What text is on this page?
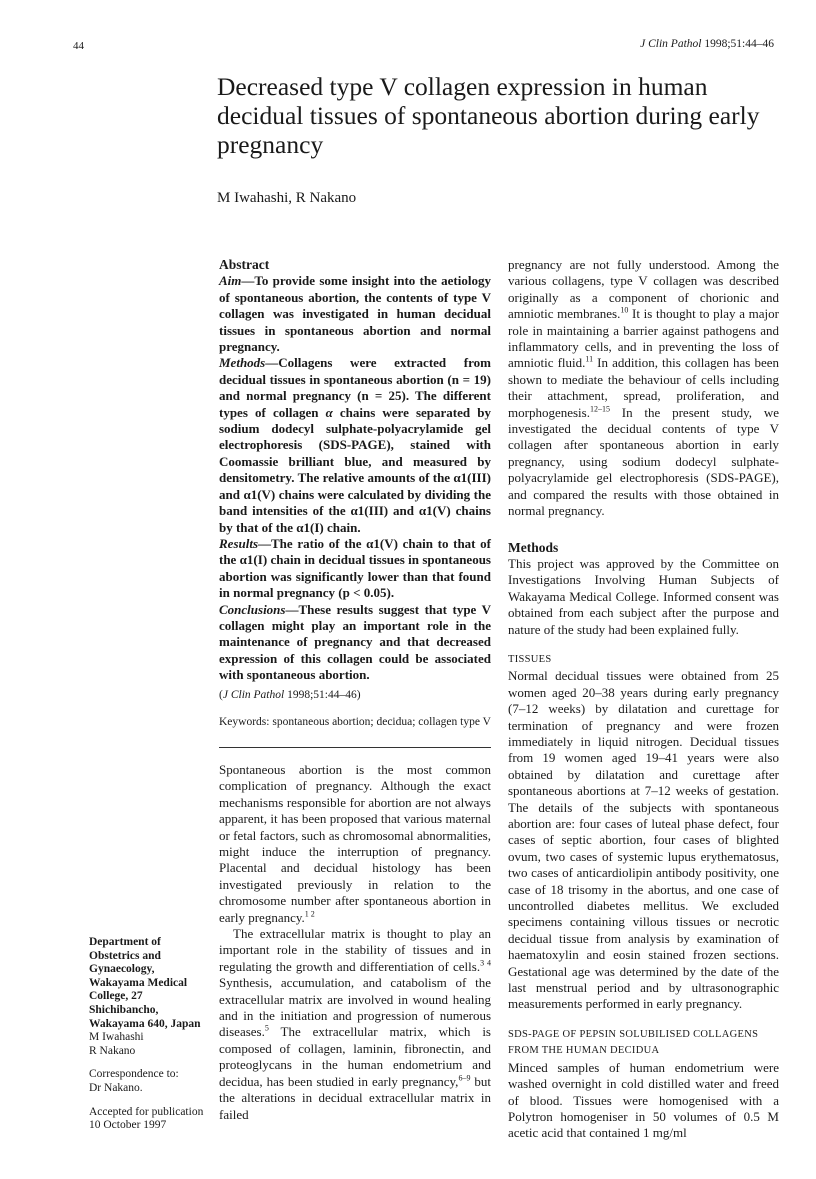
44	J Clin Pathol 1998;51:44–46
Decreased type V collagen expression in human decidual tissues of spontaneous abortion during early pregnancy
M Iwahashi, R Nakano
Abstract

Aim—To provide some insight into the aetiology of spontaneous abortion, the contents of type V collagen was investigated in human decidual tissues in spontaneous abortion and normal pregnancy.

Methods—Collagens were extracted from decidual tissues in spontaneous abortion (n = 19) and normal pregnancy (n = 25). The different types of collagen α chains were separated by sodium dodecyl sulphate-polyacrylamide gel electrophoresis (SDS-PAGE), stained with Coomassie brilliant blue, and measured by densitometry. The relative amounts of the α1(III) and α1(V) chains were calculated by dividing the band intensities of the α1(III) and α1(V) chains by that of the α1(I) chain.

Results—The ratio of the α1(V) chain to that of the α1(I) chain in decidual tissues in spontaneous abortion was significantly lower than that found in normal pregnancy (p < 0.05).

Conclusions—These results suggest that type V collagen might play an important role in the maintenance of pregnancy and that decreased expression of this collagen could be associated with spontaneous abortion.

(J Clin Pathol 1998;51:44–46)
Keywords: spontaneous abortion; decidua; collagen type V

Spontaneous abortion is the most common complication of pregnancy. Although the exact mechanisms responsible for abortion are not always apparent, it has been proposed that various maternal or fetal factors, such as chromosomal abnormalities, might induce the interruption of pregnancy. Placental and decidual histology has been investigated previously in relation to the chromosome number after spontaneous abortion in early pregnancy.$^{1 2}$

The extracellular matrix is thought to play an important role in the stability of tissues and in regulating the growth and differentiation of cells.$^{3 4}$ Synthesis, accumulation, and catabolism of the extracellular matrix are involved in wound healing and in the initiation and progression of numerous diseases.$^5$ The extracellular matrix, which is composed of collagen, laminin, fibronectin, and proteoglycans in the human endometrium and decidua, has been studied in early pregnancy,$^{6-9}$ but the alterations in decidual extracellular matrix in failed

pregnancy are not fully understood. Among the various collagens, type V collagen was described originally as a component of chorionic and amniotic membranes.$^{10}$ It is thought to play a major role in maintaining a barrier against pathogens and inflammatory cells, and in preventing the loss of amniotic fluid.$^{11}$ In addition, this collagen has been shown to mediate the behaviour of cells including their attachment, spread, proliferation, and morphogenesis.$^{12-15}$ In the present study, we investigated the decidual contents of type V collagen after spontaneous abortion in early pregnancy, using sodium dodecyl sulphate-polyacrylamide gel electrophoresis (SDS-PAGE), and compared the results with those obtained in normal pregnancy.

Methods

This project was approved by the Committee on Investigations Involving Human Subjects of Wakayama Medical College. Informed consent was obtained from each subject after the purpose and nature of the study had been explained fully.

TISSUES

Normal decidual tissues were obtained from 25 women aged 20–38 years during early pregnancy (7–12 weeks) by dilatation and curettage for termination of pregnancy and were frozen immediately in liquid nitrogen. Decidual tissues from 19 women aged 19–41 years were also obtained by dilatation and curettage after spontaneous abortions at 7–12 weeks of gestation. The details of the subjects with spontaneous abortion are: four cases of luteal phase defect, four cases of septic abortion, four cases of blighted ovum, two cases of systemic lupus erythematosus, two cases of anticardiolipin antibody positivity, one case of 18 trisomy in the abortus, and one case of uncontrolled diabetes mellitus. We excluded specimens containing villous tissues or necrotic decidual tissue from analysis by examination of haematoxylin and eosin stained frozen sections. Gestational age was determined by the date of the last menstrual period and by ultrasonographic measurements performed in early pregnancy.

SDS-PAGE OF PEPSIN SOLUBILISED COLLAGENS
FROM THE HUMAN DECIDUA

Minced samples of human endometrium were washed overnight in cold distilled water and freed of blood. Tissues were homogenised with a Polytron homogeniser in 50 volumes of 0.5 M acetic acid that contained 1 mg/ml

Department of Obstetrics and Gynaecology, Wakayama Medical College, 27 Shichibancho, Wakayama 640, Japan
M Iwahashi
R Nakano
Correspondence to:
Dr Nakano.
Accepted for publication
10 October 1997
